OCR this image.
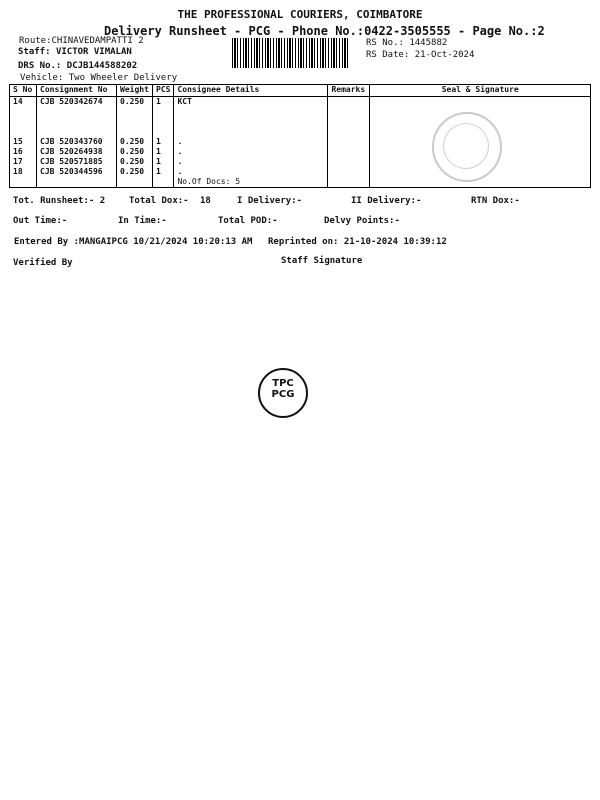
THE PROFESSIONAL COURIERS, COIMBATORE
Delivery Runsheet - PCG - Phone No.:0422-3505555 - Page No.:2
Route:CHINAVEDAMPATTI 2
Staff: VICTOR VIMALAN
DRS No.: DCJB144588202
Vehicle: Two Wheeler Delivery
RS No.: 1445882
RS Date: 21-Oct-2024
S No	Consignment No	Weight	PCS	Consignee Details	Remarks	Seal & Signature
14	CJB 520342674	0.250	1	KCT		
15	CJB 520343760	0.250	1	.		
16	CJB 520264938	0.250	1	.		
17	CJB 520571885	0.250	1	.		
18	CJB 520344596	0.250	1	.		
				No.Of Docs: 5		
Tot. Runsheet:- 2	Total Dox:- 18	I Delivery:-	II Delivery:-	RTN Dox:-
Out Time:-	In Time:-	Total POD:-	Delvy Points:-
Entered By :MANGAIPCG 10/21/2024 10:20:13 AM Reprinted on: 21-10-2024 10:39:12
Verified By	Staff Signature
TPC
PCG
